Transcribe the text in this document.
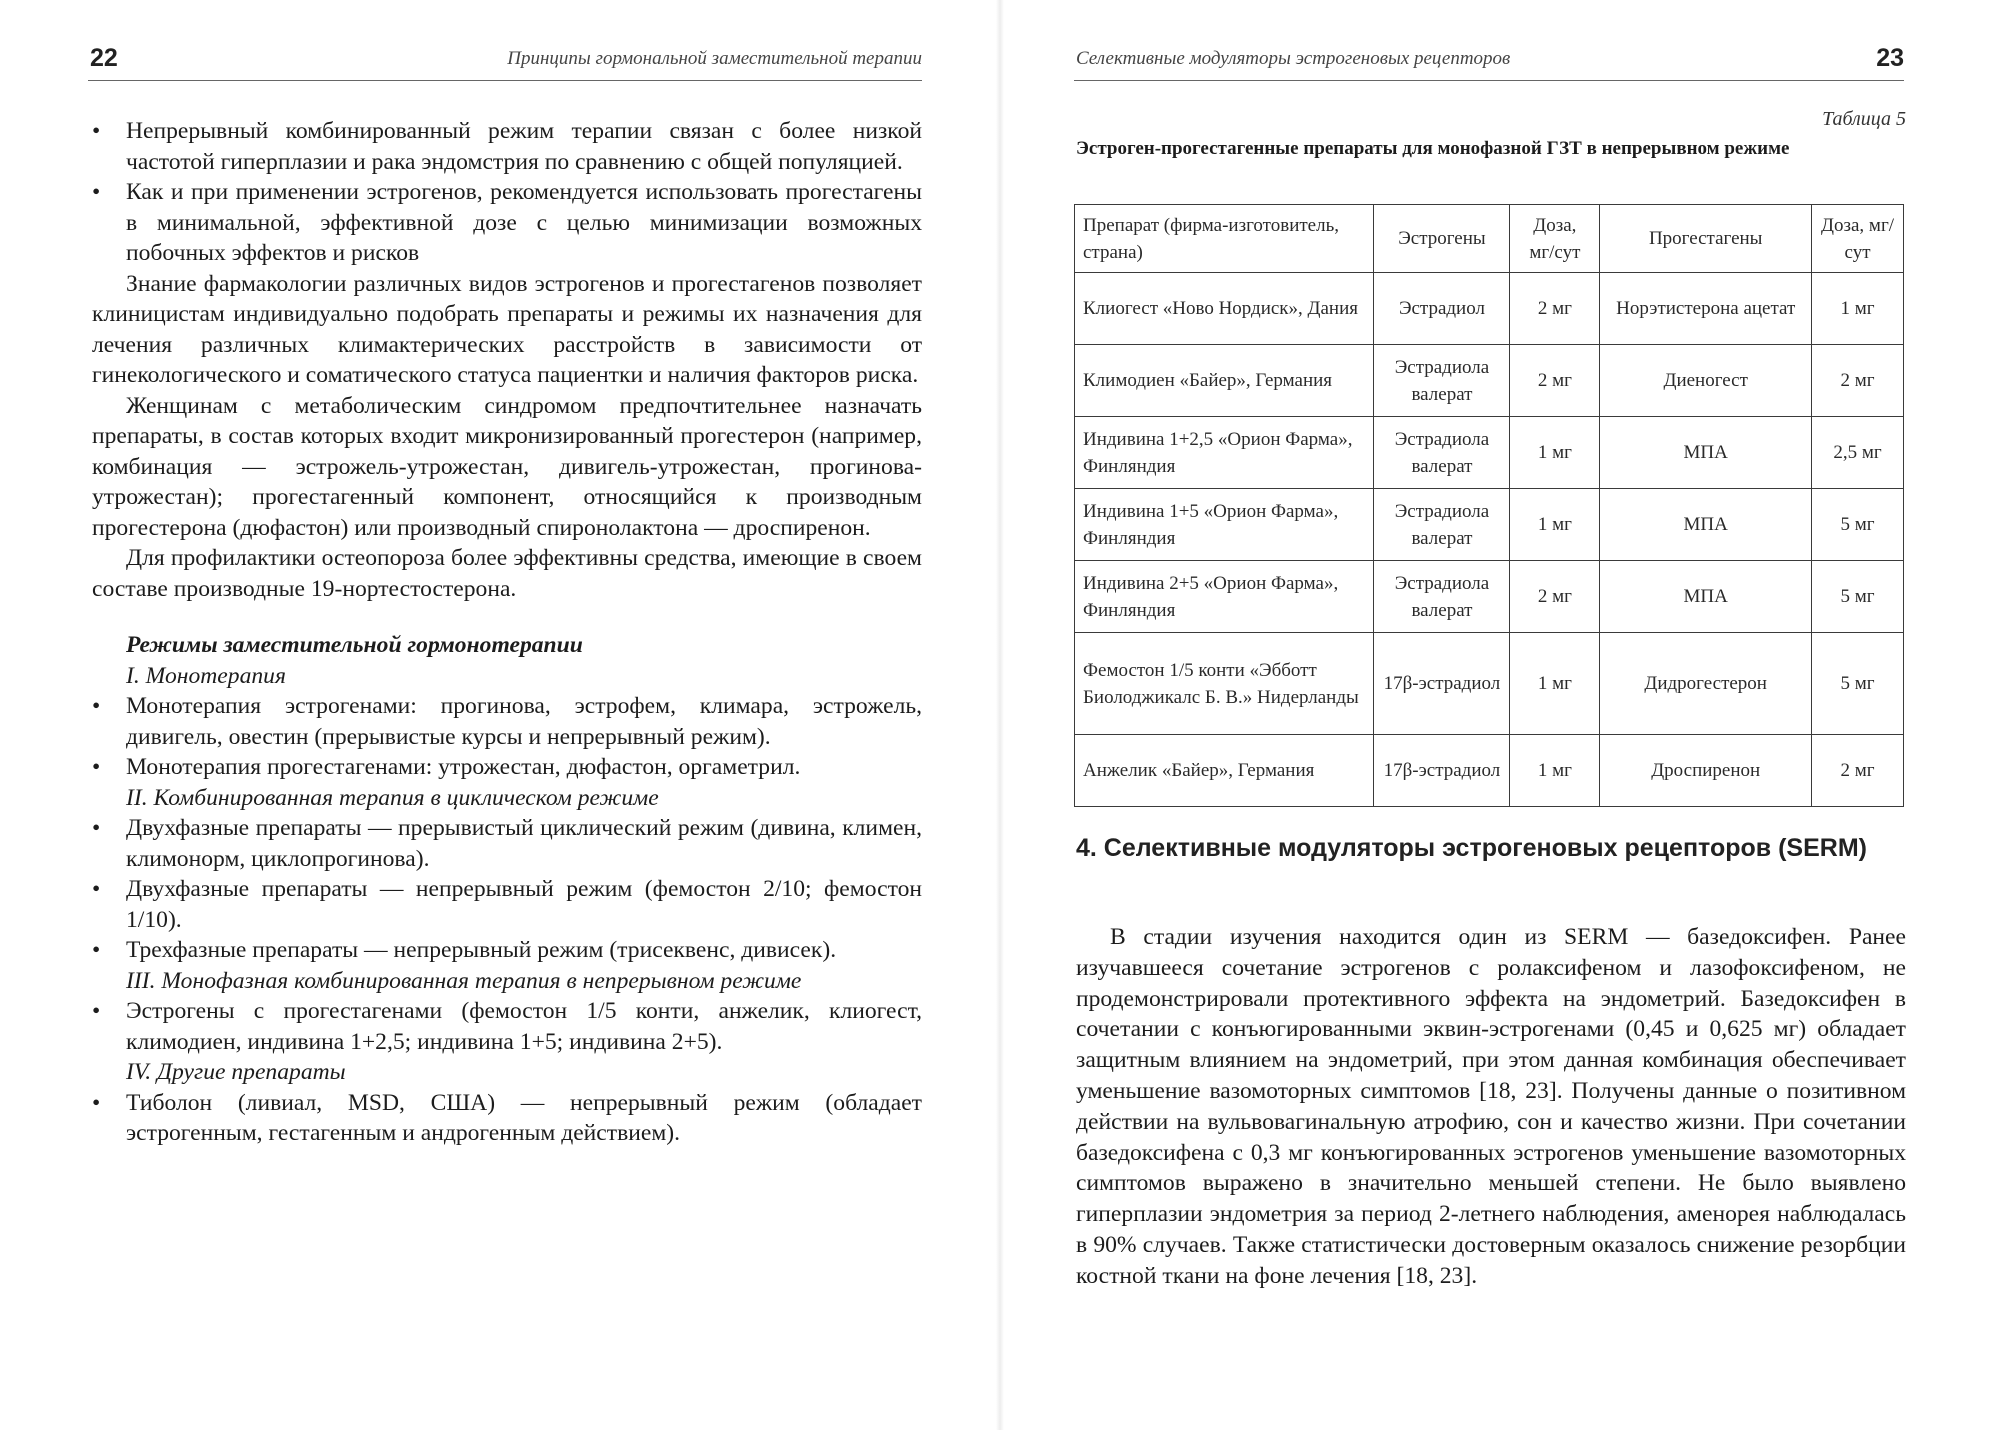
22	Принципы гормональной заместительной терапии
• Непрерывный комбинированный режим терапии связан с более низкой частотой гиперплазии и рака эндомстрия по сравнению с общей популяцией.
• Как и при применении эстрогенов, рекомендуется использовать прогестагены в минимальной, эффективной дозе с целью минимизации возможных побочных эффектов и рисков

Знание фармакологии различных видов эстрогенов и прогестагенов позволяет клиницистам индивидуально подобрать препараты и режимы их назначения для лечения различных климактерических расстройств в зависимости от гинекологического и соматического статуса пациентки и наличия факторов риска.

Женщинам с метаболическим синдромом предпочтительнее назначать препараты, в состав которых входит микронизированный прогестерон (например, комбинация — эстрожель-утрожестан, дивигель-утрожестан, прогинова-утрожестан); прогестагенный компонент, относящийся к производным прогестерона (дюфастон) или производный спиронолактона — дроспиренон.

Для профилактики остеопороза более эффективны средства, имеющие в своем составе производные 19-нортестостерона.

Режимы заместительной гормонотерапии
I. Монотерапия
• Монотерапия эстрогенами: прогинова, эстрофем, климара, эстрожель, дивигель, овестин (прерывистые курсы и непрерывный режим).
• Монотерапия прогестагенами: утрожестан, дюфастон, оргаметрил.
II. Комбинированная терапия в циклическом режиме
• Двухфазные препараты — прерывистый циклический режим (дивина, климен, климонорм, циклопрогинова).
• Двухфазные препараты — непрерывный режим (фемостон 2/10; фемостон 1/10).
• Трехфазные препараты — непрерывный режим (трисеквенс, дивисек).
III. Монофазная комбинированная терапия в непрерывном режиме
• Эстрогены с прогестагенами (фемостон 1/5 конти, анжелик, клиогест, климодиен, индивина 1+2,5; индивина 1+5; индивина 2+5).
IV. Другие препараты
• Тиболон (ливиал, MSD, США) — непрерывный режим (обладает эстрогенным, гестагенным и андрогенным действием).
Селективные модуляторы эстрогеновых рецепторов	23
Таблица 5
Эстроген-прогестагенные препараты для монофазной ГЗТ в непрерывном режиме
Препарат (фирма-изготовитель, страна)	Эстрогены	Доза, мг/сут	Прогестагены	Доза, мг/сут
Клиогест «Ново Нордиск», Дания	Эстрадиол	2 мг	Норэтистерона ацетат	1 мг
Климодиен «Байер», Германия	Эстрадиола валерат	2 мг	Диеногест	2 мг
Индивина 1+2,5 «Орион Фарма», Финляндия	Эстрадиола валерат	1 мг	МПА	2,5 мг
Индивина 1+5 «Орион Фарма», Финляндия	Эстрадиола валерат	1 мг	МПА	5 мг
Индивина 2+5 «Орион Фарма», Финляндия	Эстрадиола валерат	2 мг	МПА	5 мг
Фемостон 1/5 конти «Эбботт Биолоджикалс Б. В.» Нидерланды	17β-эстрадиол	1 мг	Дидрогестерон	5 мг
Анжелик «Байер», Германия	17β-эстрадиол	1 мг	Дроспиренон	2 мг
4. Селективные модуляторы эстрогеновых рецепторов (SERM)

В стадии изучения находится один из SERM — базедоксифен. Ранее изучавшееся сочетание эстрогенов с ролаксифеном и лазофоксифеном, не продемонстрировали протективного эффекта на эндометрий. Базедоксифен в сочетании с конъюгированными эквин-эстрогенами (0,45 и 0,625 мг) обладает защитным влиянием на эндометрий, при этом данная комбинация обеспечивает уменьшение вазомоторных симптомов [18, 23]. Получены данные о позитивном действии на вульвовагинальную атрофию, сон и качество жизни. При сочетании базедоксифена с 0,3 мг конъюгированных эстрогенов уменьшение вазомоторных симптомов выражено в значительно меньшей степени. Не было выявлено гиперплазии эндометрия за период 2-летнего наблюдения, аменорея наблюдалась в 90% случаев. Также статистически достоверным оказалось снижение резорбции костной ткани на фоне лечения [18, 23].
